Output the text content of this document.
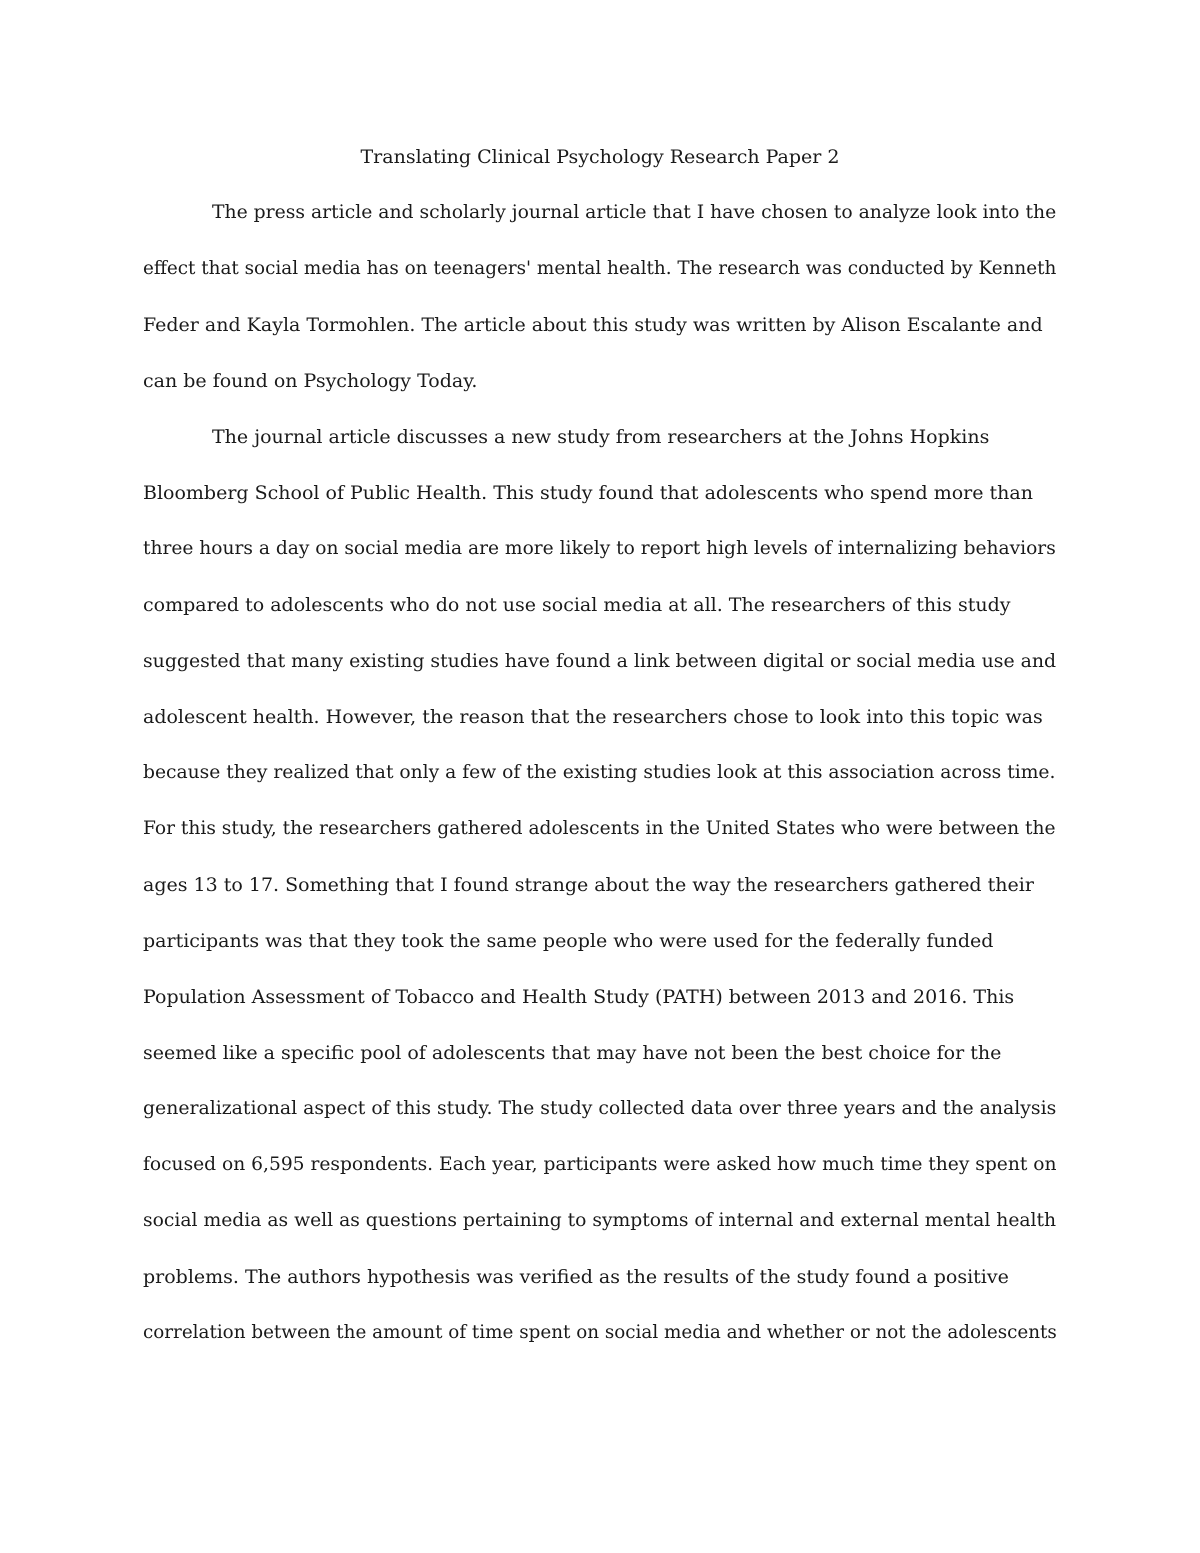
Translating Clinical Psychology Research Paper 2
The press article and scholarly journal article that I have chosen to analyze look into the
effect that social media has on teenagers' mental health. The research was conducted by Kenneth
Feder and Kayla Tormohlen. The article about this study was written by Alison Escalante and
can be found on Psychology Today.
The journal article discusses a new study from researchers at the Johns Hopkins
Bloomberg School of Public Health. This study found that adolescents who spend more than
three hours a day on social media are more likely to report high levels of internalizing behaviors
compared to adolescents who do not use social media at all. The researchers of this study
suggested that many existing studies have found a link between digital or social media use and
adolescent health. However, the reason that the researchers chose to look into this topic was
because they realized that only a few of the existing studies look at this association across time.
For this study, the researchers gathered adolescents in the United States who were between the
ages 13 to 17. Something that I found strange about the way the researchers gathered their
participants was that they took the same people who were used for the federally funded
Population Assessment of Tobacco and Health Study (PATH) between 2013 and 2016. This
seemed like a specific pool of adolescents that may have not been the best choice for the
generalizational aspect of this study. The study collected data over three years and the analysis
focused on 6,595 respondents. Each year, participants were asked how much time they spent on
social media as well as questions pertaining to symptoms of internal and external mental health
problems. The authors hypothesis was verified as the results of the study found a positive
correlation between the amount of time spent on social media and whether or not the adolescents
